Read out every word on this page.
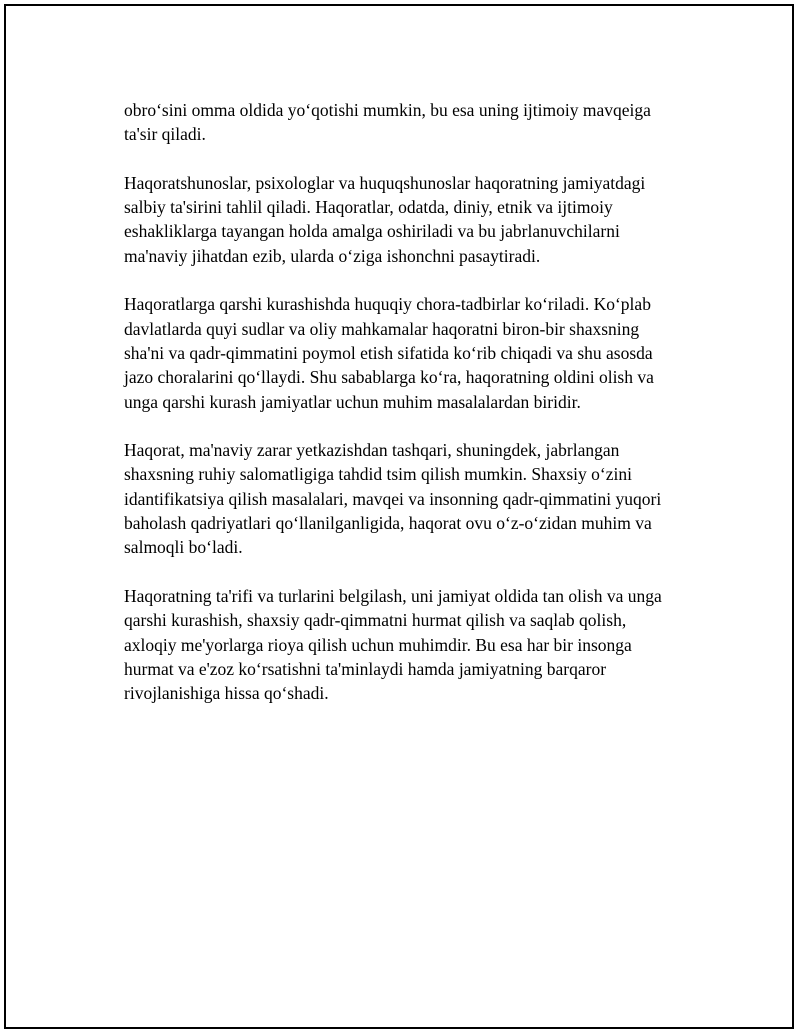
obro‘sini omma oldida yo‘qotishi mumkin, bu esa uning ijtimoiy mavqeiga
ta'sir qiladi.

Haqoratshunoslar, psixologlar va huquqshunoslar haqoratning jamiyatdagi
salbiy ta'sirini tahlil qiladi. Haqoratlar, odatda, diniy, etnik va ijtimoiy
eshakliklarga tayangan holda amalga oshiriladi va bu jabrlanuvchilarni
ma'naviy jihatdan ezib, ularda o‘ziga ishonchni pasaytiradi.

Haqoratlarga qarshi kurashishda huquqiy chora-tadbirlar ko‘riladi. Ko‘plab
davlatlarda quyi sudlar va oliy mahkamalar haqoratni biron-bir shaxsning
sha'ni va qadr-qimmatini poymol etish sifatida ko‘rib chiqadi va shu asosda
jazo choralarini qo‘llaydi. Shu sabablarga ko‘ra, haqoratning oldini olish va
unga qarshi kurash jamiyatlar uchun muhim masalalardan biridir.

Haqorat, ma'naviy zarar yetkazishdan tashqari, shuningdek, jabrlangan
shaxsning ruhiy salomatligiga tahdid tsim qilish mumkin. Shaxsiy o‘zini
idantifikatsiya qilish masalalari, mavqei va insonning qadr-qimmatini yuqori
baholash qadriyatlari qo‘llanilganligida, haqorat ovu o‘z-o‘zidan muhim va
salmoqli bo‘ladi.

Haqoratning ta'rifi va turlarini belgilash, uni jamiyat oldida tan olish va unga
qarshi kurashish, shaxsiy qadr-qimmatni hurmat qilish va saqlab qolish,
axloqiy me'yorlarga rioya qilish uchun muhimdir. Bu esa har bir insonga
hurmat va e'zoz ko‘rsatishni ta'minlaydi hamda jamiyatning barqaror
rivojlanishiga hissa qo‘shadi.
